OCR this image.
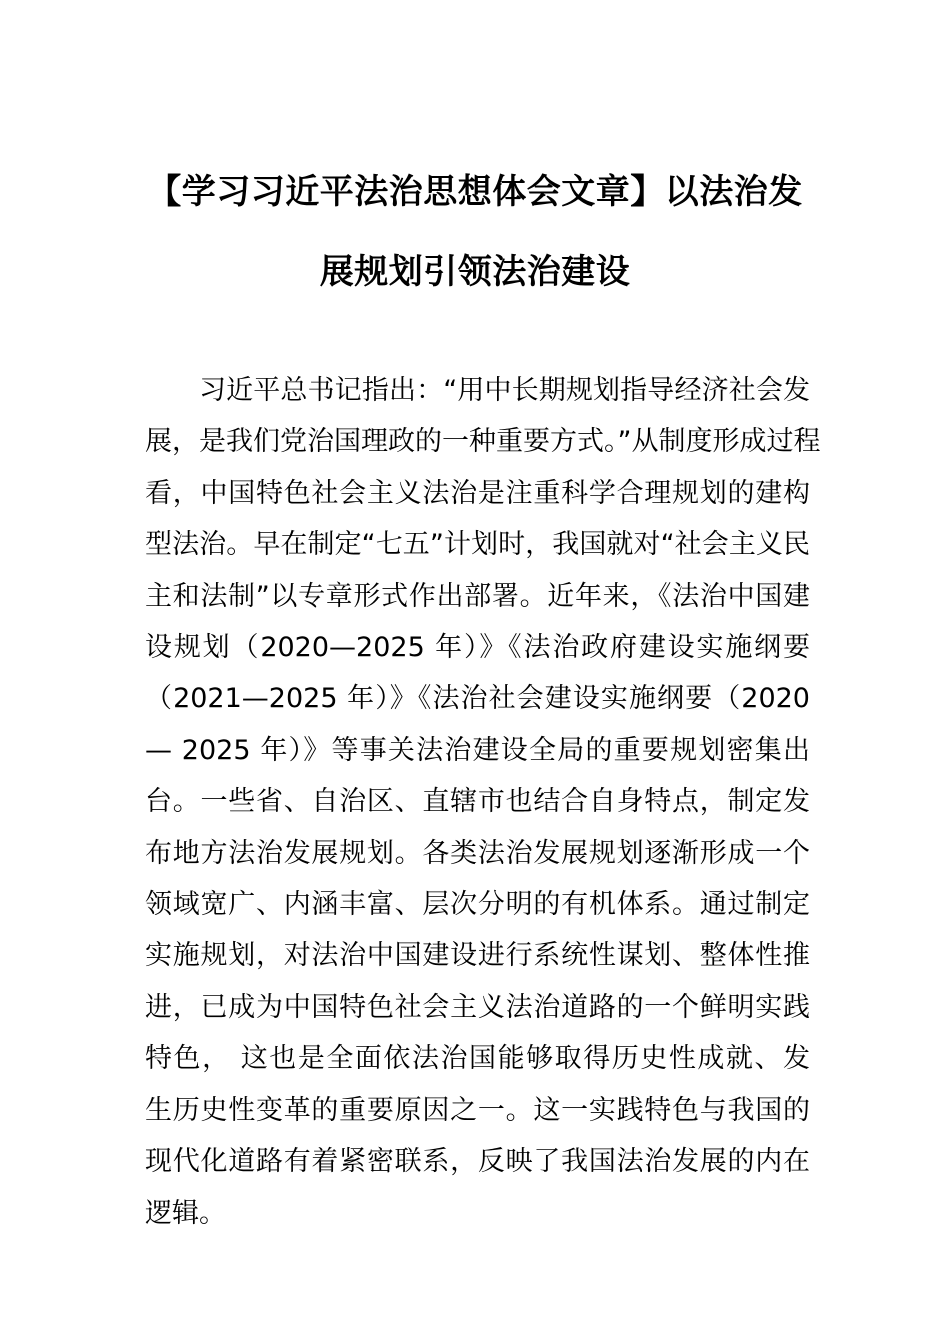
【学习习近平法治思想体会文章】以法治发
展规划引领法治建设
习近平总书记指出：“用中长期规划指导经济社会发
展，是我们党治国理政的一种重要方式。”从制度形成过程
看，中国特色社会主义法治是注重科学合理规划的建构
型法治。早在制定“七五”计划时，我国就对“社会主义民
主和法制”以专章形式作出部署。近年来，《法治中国建
设规划（2020—2025 年）》《法治政府建设实施纲要
（2021—2025 年）》《法治社会建设实施纲要（2020
— 2025 年）》等事关法治建设全局的重要规划密集出
台。一些省、自治区、直辖市也结合自身特点，制定发
布地方法治发展规划。各类法治发展规划逐渐形成一个
领域宽广、内涵丰富、层次分明的有机体系。通过制定
实施规划，对法治中国建设进行系统性谋划、整体性推
进，已成为中国特色社会主义法治道路的一个鲜明实践
特色， 这也是全面依法治国能够取得历史性成就、发
生历史性变革的重要原因之一。这一实践特色与我国的
现代化道路有着紧密联系，反映了我国法治发展的内在
逻辑。
